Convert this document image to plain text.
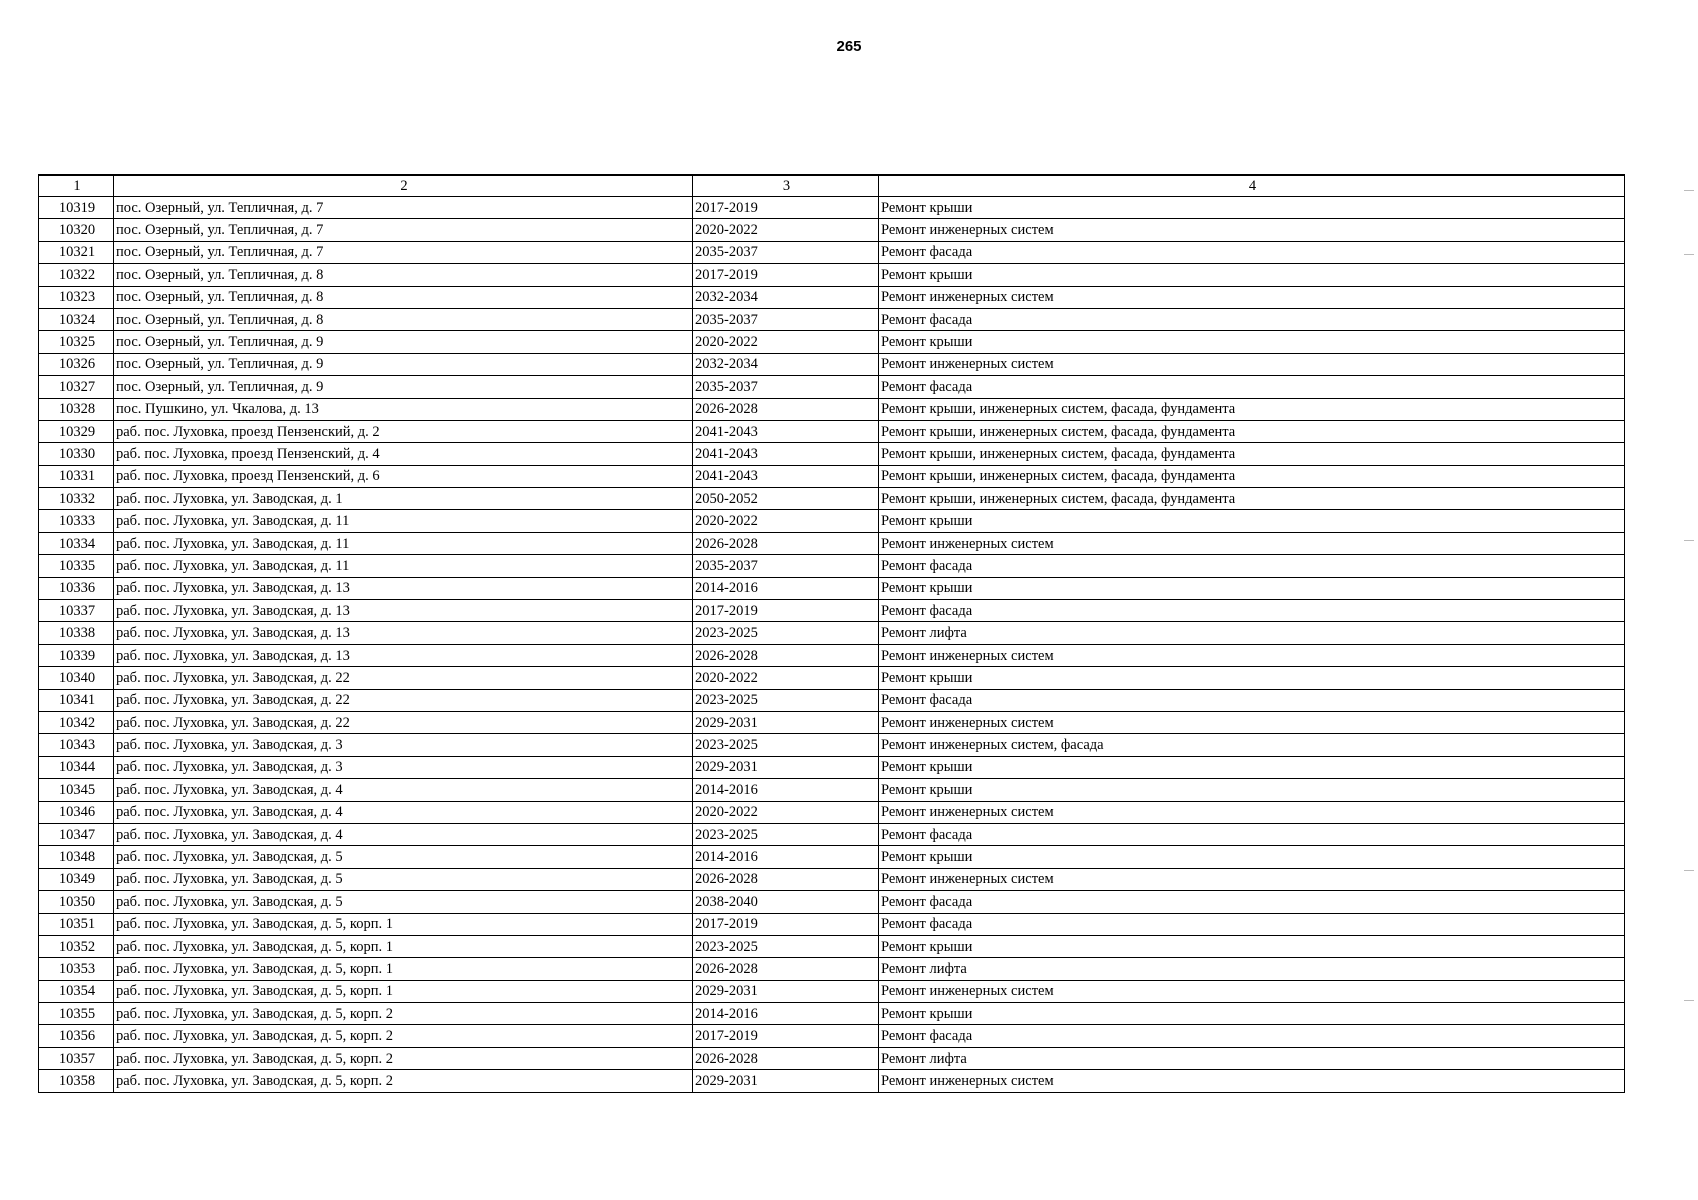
265
1	2	3	4
10319	пос. Озерный, ул. Тепличная, д. 7	2017-2019	Ремонт крыши
10320	пос. Озерный, ул. Тепличная, д. 7	2020-2022	Ремонт инженерных систем
10321	пос. Озерный, ул. Тепличная, д. 7	2035-2037	Ремонт фасада
10322	пос. Озерный, ул. Тепличная, д. 8	2017-2019	Ремонт крыши
10323	пос. Озерный, ул. Тепличная, д. 8	2032-2034	Ремонт инженерных систем
10324	пос. Озерный, ул. Тепличная, д. 8	2035-2037	Ремонт фасада
10325	пос. Озерный, ул. Тепличная, д. 9	2020-2022	Ремонт крыши
10326	пос. Озерный, ул. Тепличная, д. 9	2032-2034	Ремонт инженерных систем
10327	пос. Озерный, ул. Тепличная, д. 9	2035-2037	Ремонт фасада
10328	пос. Пушкино, ул. Чкалова, д. 13	2026-2028	Ремонт крыши, инженерных систем, фасада, фундамента
10329	раб. пос. Луховка, проезд Пензенский, д. 2	2041-2043	Ремонт крыши, инженерных систем, фасада, фундамента
10330	раб. пос. Луховка, проезд Пензенский, д. 4	2041-2043	Ремонт крыши, инженерных систем, фасада, фундамента
10331	раб. пос. Луховка, проезд Пензенский, д. 6	2041-2043	Ремонт крыши, инженерных систем, фасада, фундамента
10332	раб. пос. Луховка, ул. Заводская, д. 1	2050-2052	Ремонт крыши, инженерных систем, фасада, фундамента
10333	раб. пос. Луховка, ул. Заводская, д. 11	2020-2022	Ремонт крыши
10334	раб. пос. Луховка, ул. Заводская, д. 11	2026-2028	Ремонт инженерных систем
10335	раб. пос. Луховка, ул. Заводская, д. 11	2035-2037	Ремонт фасада
10336	раб. пос. Луховка, ул. Заводская, д. 13	2014-2016	Ремонт крыши
10337	раб. пос. Луховка, ул. Заводская, д. 13	2017-2019	Ремонт фасада
10338	раб. пос. Луховка, ул. Заводская, д. 13	2023-2025	Ремонт лифта
10339	раб. пос. Луховка, ул. Заводская, д. 13	2026-2028	Ремонт инженерных систем
10340	раб. пос. Луховка, ул. Заводская, д. 22	2020-2022	Ремонт крыши
10341	раб. пос. Луховка, ул. Заводская, д. 22	2023-2025	Ремонт фасада
10342	раб. пос. Луховка, ул. Заводская, д. 22	2029-2031	Ремонт инженерных систем
10343	раб. пос. Луховка, ул. Заводская, д. 3	2023-2025	Ремонт инженерных систем, фасада
10344	раб. пос. Луховка, ул. Заводская, д. 3	2029-2031	Ремонт крыши
10345	раб. пос. Луховка, ул. Заводская, д. 4	2014-2016	Ремонт крыши
10346	раб. пос. Луховка, ул. Заводская, д. 4	2020-2022	Ремонт инженерных систем
10347	раб. пос. Луховка, ул. Заводская, д. 4	2023-2025	Ремонт фасада
10348	раб. пос. Луховка, ул. Заводская, д. 5	2014-2016	Ремонт крыши
10349	раб. пос. Луховка, ул. Заводская, д. 5	2026-2028	Ремонт инженерных систем
10350	раб. пос. Луховка, ул. Заводская, д. 5	2038-2040	Ремонт фасада
10351	раб. пос. Луховка, ул. Заводская, д. 5, корп. 1	2017-2019	Ремонт фасада
10352	раб. пос. Луховка, ул. Заводская, д. 5, корп. 1	2023-2025	Ремонт крыши
10353	раб. пос. Луховка, ул. Заводская, д. 5, корп. 1	2026-2028	Ремонт лифта
10354	раб. пос. Луховка, ул. Заводская, д. 5, корп. 1	2029-2031	Ремонт инженерных систем
10355	раб. пос. Луховка, ул. Заводская, д. 5, корп. 2	2014-2016	Ремонт крыши
10356	раб. пос. Луховка, ул. Заводская, д. 5, корп. 2	2017-2019	Ремонт фасада
10357	раб. пос. Луховка, ул. Заводская, д. 5, корп. 2	2026-2028	Ремонт лифта
10358	раб. пос. Луховка, ул. Заводская, д. 5, корп. 2	2029-2031	Ремонт инженерных систем
